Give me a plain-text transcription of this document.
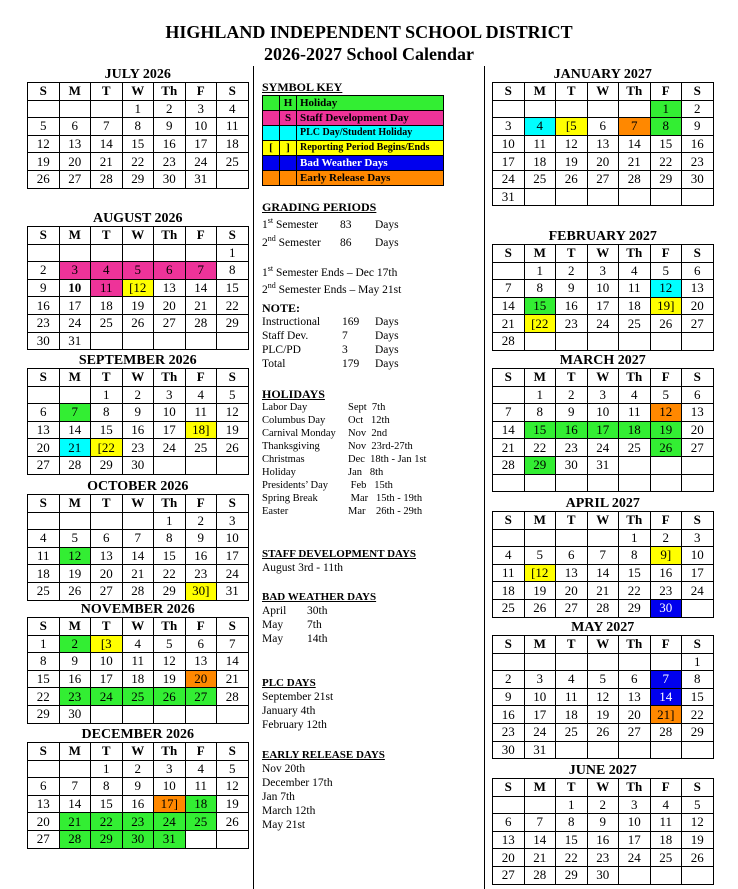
HIGHLAND INDEPENDENT SCHOOL DISTRICT
2026-2027 School Calendar
JULY 2026
S	M	T	W	Th	F	S
			1	2	3	4
5	6	7	8	9	10	11
12	13	14	15	16	17	18
19	20	21	22	23	24	25
26	27	28	29	30	31	
AUGUST 2026
S	M	T	W	Th	F	S
						1
2	3	4	5	6	7	8
9	10	11	[12	13	14	15
16	17	18	19	20	21	22
23	24	25	26	27	28	29
30	31					
SEPTEMBER 2026
S	M	T	W	Th	F	S
		1	2	3	4	5
6	7	8	9	10	11	12
13	14	15	16	17	18]	19
20	21	[22	23	24	25	26
27	28	29	30			
OCTOBER 2026
S	M	T	W	Th	F	S
				1	2	3
4	5	6	7	8	9	10
11	12	13	14	15	16	17
18	19	20	21	22	23	24
25	26	27	28	29	30]	31
NOVEMBER 2026
S	M	T	W	Th	F	S
1	2	[3	4	5	6	7
8	9	10	11	12	13	14
15	16	17	18	19	20	21
22	23	24	25	26	27	28
29	30					
DECEMBER 2026
S	M	T	W	Th	F	S
		1	2	3	4	5
6	7	8	9	10	11	12
13	14	15	16	17]	18	19
20	21	22	23	24	25	26
27	28	29	30	31		
JANUARY 2027
S	M	T	W	Th	F	S
					1	2
3	4	[5	6	7	8	9
10	11	12	13	14	15	16
17	18	19	20	21	22	23
24	25	26	27	28	29	30
31						
FEBRUARY 2027
S	M	T	W	Th	F	S
	1	2	3	4	5	6
7	8	9	10	11	12	13
14	15	16	17	18	19]	20
21	[22	23	24	25	26	27
28						
MARCH 2027
S	M	T	W	Th	F	S
	1	2	3	4	5	6
7	8	9	10	11	12	13
14	15	16	17	18	19	20
21	22	23	24	25	26	27
28	29	30	31			

APRIL 2027
S	M	T	W	Th	F	S
				1	2	3
4	5	6	7	8	9]	10
11	[12	13	14	15	16	17
18	19	20	21	22	23	24
25	26	27	28	29	30	
MAY 2027
S	M	T	W	Th	F	S
						1
2	3	4	5	6	7	8
9	10	11	12	13	14	15
16	17	18	19	20	21]	22
23	24	25	26	27	28	29
30	31					
JUNE 2027
S	M	T	W	Th	F	S
		1	2	3	4	5
6	7	8	9	10	11	12
13	14	15	16	17	18	19
20	21	22	23	24	25	26
27	28	29	30			
SYMBOL KEY
	H	Holiday
	S	Staff Development Day
		PLC Day/Student Holiday
[	]	Reporting Period Begins/Ends
		Bad Weather Days
		Early Release Days
GRADING PERIODS
1st Semester 83 Days
2nd Semester 86 Days
1st Semester Ends – Dec 17th
2nd Semester Ends – May 21st
NOTE:
Instructional 169 Days
Staff Dev.	7 Days
PLC/PD	3 Days
Total	179 Days
HOLIDAYS
Labor Day	Sept  7th
Columbus Day Oct   12th
Carnival Monday Nov  2nd
Thanksgiving	Nov  23rd-27th
Christmas	Dec  18th - Jan 1st
Holiday	Jan   8th
Presidents’ Day Feb   15th
Spring Break	Mar   15th - 19th
Easter	Mar    26th - 29th
STAFF DEVELOPMENT DAYS
August 3rd - 11th
BAD WEATHER DAYS
April 30th
May 7th
May 14th
PLC DAYS
September 21st
January 4th
February 12th
EARLY RELEASE DAYS
Nov 20th
December 17th
Jan 7th
March 12th
May 21st
